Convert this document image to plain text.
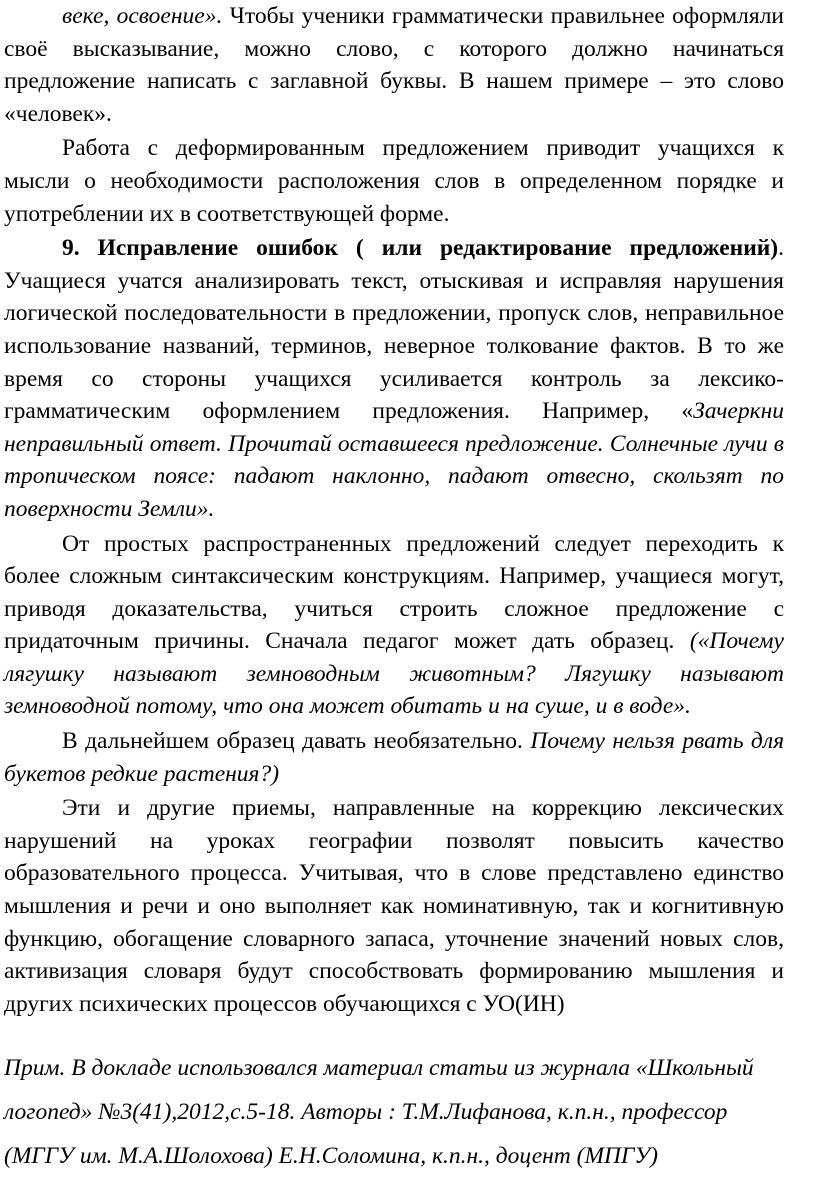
веке, освоение». Чтобы ученики грамматически правильнее оформляли своё высказывание, можно слово, с которого должно начинаться предложение написать с заглавной буквы. В нашем примере – это слово «человек».

Работа с деформированным предложением приводит учащихся к мысли о необходимости расположения слов в определенном порядке и употреблении их в соответствующей форме.

9. Исправление ошибок ( или редактирование предложений). Учащиеся учатся анализировать текст, отыскивая и исправляя нарушения логической последовательности в предложении, пропуск слов, неправильное использование названий, терминов, неверное толкование фактов. В то же время со стороны учащихся усиливается контроль за лексико-грамматическим оформлением предложения. Например, «Зачеркни неправильный ответ. Прочитай оставшееся предложение. Солнечные лучи в тропическом поясе: падают наклонно, падают отвесно, скользят по поверхности Земли».

От простых распространенных предложений следует переходить к более сложным синтаксическим конструкциям. Например, учащиеся могут, приводя доказательства, учиться строить сложное предложение с придаточным причины. Сначала педагог может дать образец. («Почему лягушку называют земноводным животным? Лягушку называют земноводной потому, что она может обитать и на суше, и в воде».

В дальнейшем образец давать необязательно. Почему нельзя рвать для букетов редкие растения?)

Эти и другие приемы, направленные на коррекцию лексических нарушений на уроках географии позволят повысить качество образовательного процесса. Учитывая, что в слове представлено единство мышления и речи и оно выполняет как номинативную, так и когнитивную функцию, обогащение словарного запаса, уточнение значений новых слов, активизация словаря будут способствовать формированию мышления и других психических процессов обучающихся с УО(ИН)

Прим. В докладе использовался материал статьи из журнала «Школьный логопед» №3(41),2012,с.5-18. Авторы : Т.М.Лифанова, к.п.н., профессор (МГГУ им. М.А.Шолохова) Е.Н.Соломина, к.п.н., доцент (МПГУ)
